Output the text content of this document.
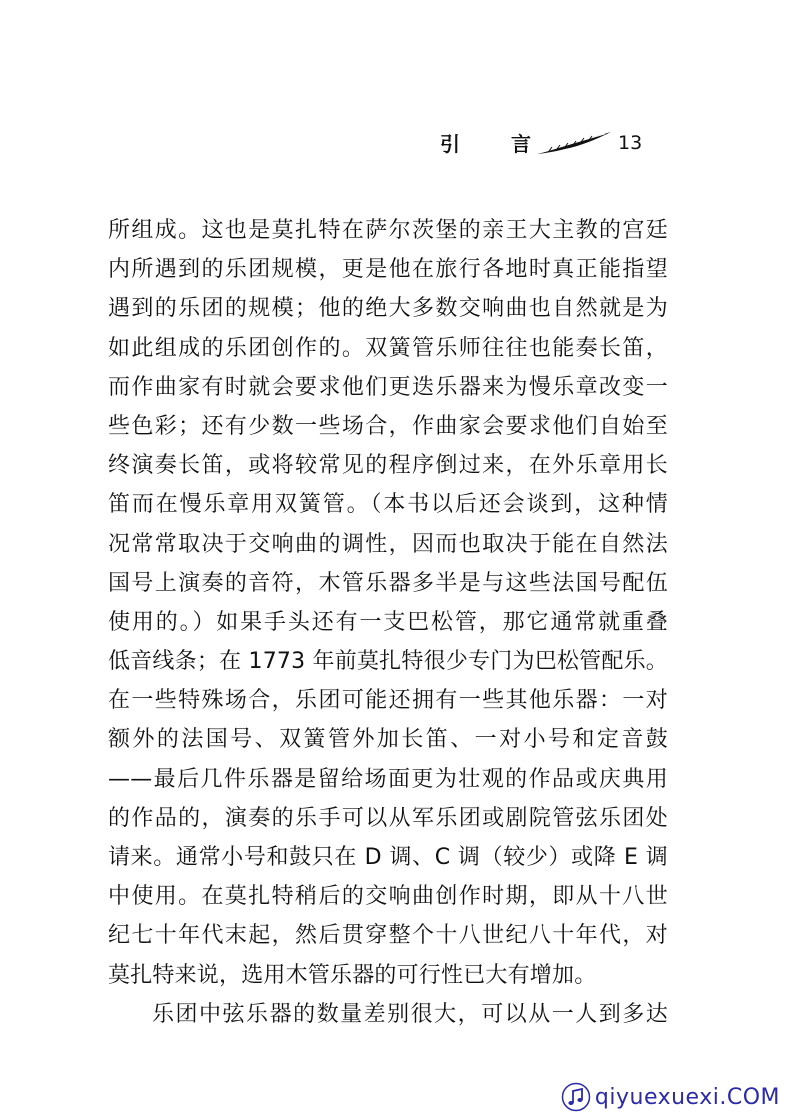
引 言	13
所组成。这也是莫扎特在萨尔茨堡的亲王大主教的宫廷
内所遇到的乐团规模，更是他在旅行各地时真正能指望
遇到的乐团的规模；他的绝大多数交响曲也自然就是为
如此组成的乐团创作的。双簧管乐师往往也能奏长笛，
而作曲家有时就会要求他们更迭乐器来为慢乐章改变一
些色彩；还有少数一些场合，作曲家会要求他们自始至
终演奏长笛，或将较常见的程序倒过来，在外乐章用长
笛而在慢乐章用双簧管。（本书以后还会谈到，这种情
况常常取决于交响曲的调性，因而也取决于能在自然法
国号上演奏的音符，木管乐器多半是与这些法国号配伍
使用的。）如果手头还有一支巴松管，那它通常就重叠
低音线条；在 1773 年前莫扎特很少专门为巴松管配乐。
在一些特殊场合，乐团可能还拥有一些其他乐器：一对
额外的法国号、双簧管外加长笛、一对小号和定音鼓
——最后几件乐器是留给场面更为壮观的作品或庆典用
的作品的，演奏的乐手可以从军乐团或剧院管弦乐团处
请来。通常小号和鼓只在 D 调、C 调（较少）或降 E 调
中使用。在莫扎特稍后的交响曲创作时期，即从十八世
纪七十年代末起，然后贯穿整个十八世纪八十年代，对
莫扎特来说，选用木管乐器的可行性已大有增加。
乐团中弦乐器的数量差别很大，可以从一人到多达
qiyuexuexi.COM
